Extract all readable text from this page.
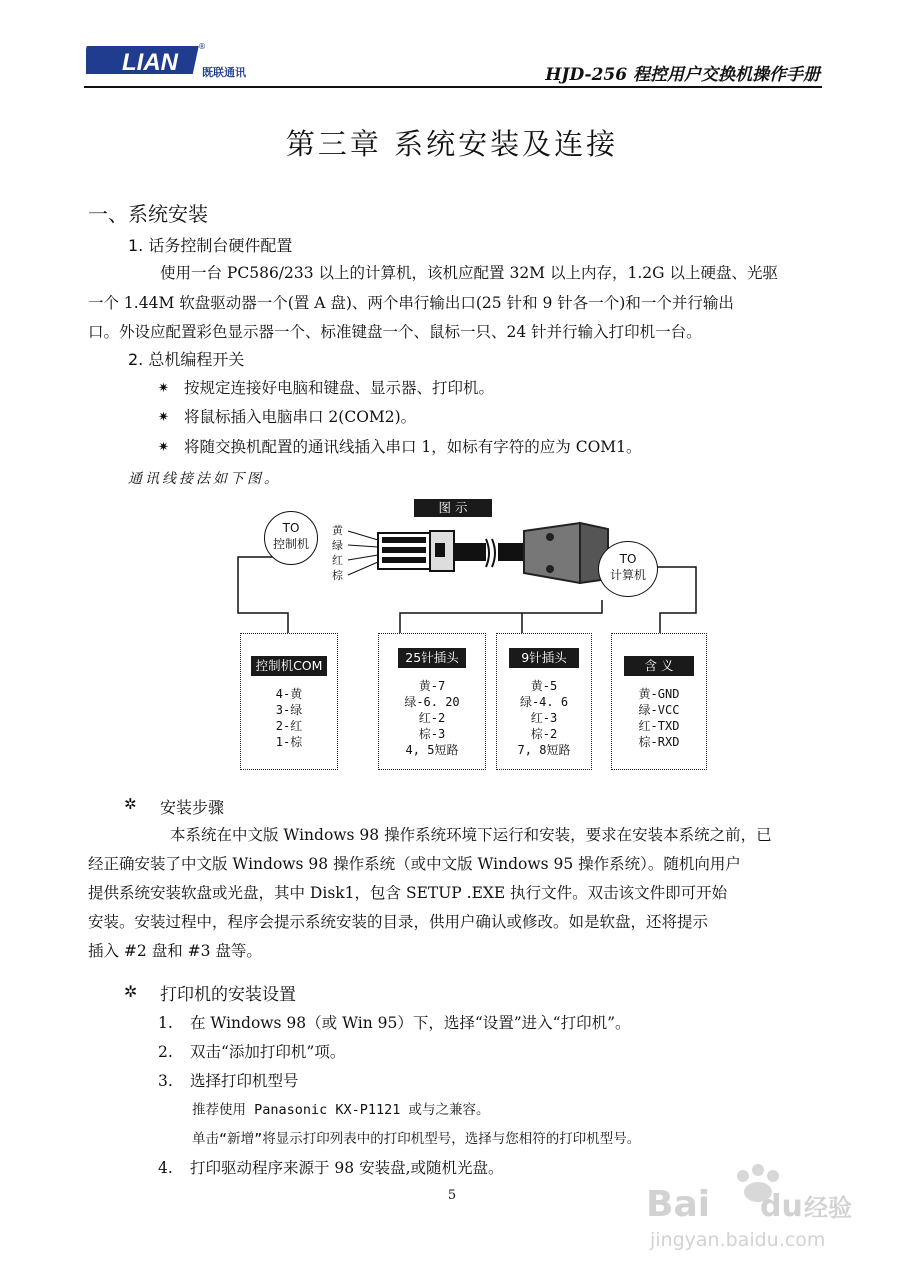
LIAN
®
既联通讯	HJD-256 程控用户交换机操作手册
第三章 系统安装及连接
一、系统安装
1. 话务控制台硬件配置
使用一台 PC586/233 以上的计算机，该机应配置 32M 以上内存，1.2G 以上硬盘、光驱
一个 1.44M 软盘驱动器一个(置 A 盘)、两个串行输出口(25 针和 9 针各一个)和一个并行输出
口。外设应配置彩色显示器一个、标准键盘一个、鼠标一只、24 针并行输入打印机一台。
2. 总机编程开关
✷ 按规定连接好电脑和键盘、显示器、打印机。
✷ 将鼠标插入电脑串口 2(COM2)。
✷ 将随交换机配置的通讯线插入串口 1，如标有字符的应为 COM1。
通讯线接法如下图。
图 示
TO
控制机
TO
计算机
黄
绿
红
棕
控制机COM
4-黄
3-绿
2-红
1-棕
25针插头
黄-7
绿-6. 20
红-2
棕-3
4, 5短路
9针插头
黄-5
绿-4. 6
红-3
棕-2
7, 8短路
含 义
黄-GND
绿-VCC
红-TXD
棕-RXD
✲ 安装步骤
本系统在中文版 Windows 98 操作系统环境下运行和安装，要求在安装本系统之前，已
经正确安装了中文版 Windows 98 操作系统（或中文版 Windows 95 操作系统）。随机向用户
提供系统安装软盘或光盘，其中 Disk1，包含 SETUP .EXE 执行文件。双击该文件即可开始
安装。安装过程中，程序会提示系统安装的目录，供用户确认或修改。如是软盘，还将提示
插入 #2 盘和 #3 盘等。
✲ 打印机的安装设置
1. 在 Windows 98（或 Win 95）下，选择“设置”进入“打印机”。
2. 双击“添加打印机”项。
3. 选择打印机型号
推荐使用 Panasonic KX-P1121 或与之兼容。
单击“新增”将显示打印列表中的打印机型号，选择与您相符的打印机型号。
4. 打印驱动程序来源于 98 安装盘,或随机光盘。
5	Bai du 经验
jingyan.baidu.com
